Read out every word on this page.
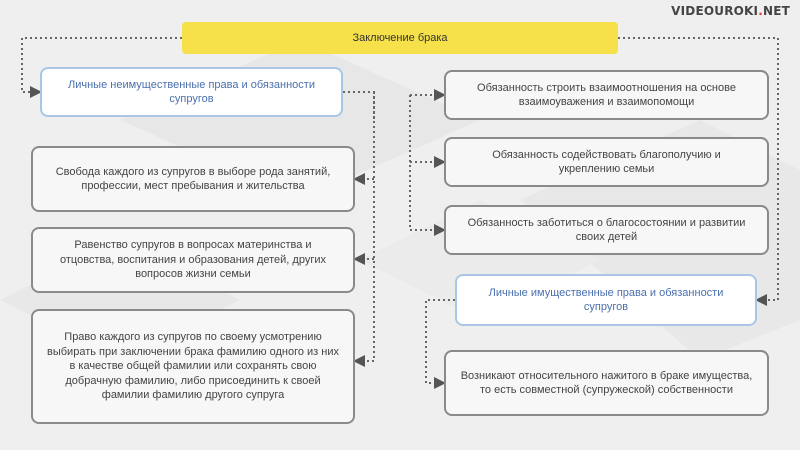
VIDEOUROKI.NET
Заключение брака
Личные неимущественные права и обязанности супругов
Свобода каждого из супругов в выборе рода занятий, профессии, мест пребывания и жительства
Равенство супругов в вопросах материнства и отцовства, воспитания и образования детей, других вопросов жизни семьи
Право каждого из супругов по своему усмотрению выбирать при заключении брака фамилию одного из них в качестве общей фамилии или сохранять свою добрачную фамилию, либо присоединить к своей фамилии фамилию другого супруга
Обязанность строить взаимоотношения на основе взаимоуважения и взаимопомощи
Обязанность содействовать благополучию и укреплению семьи
Обязанность заботиться о благосостоянии и развитии своих детей
Личные имущественные права и обязанности супругов
Возникают относительного нажитого в браке имущества, то есть совместной (супружеской) собственности
